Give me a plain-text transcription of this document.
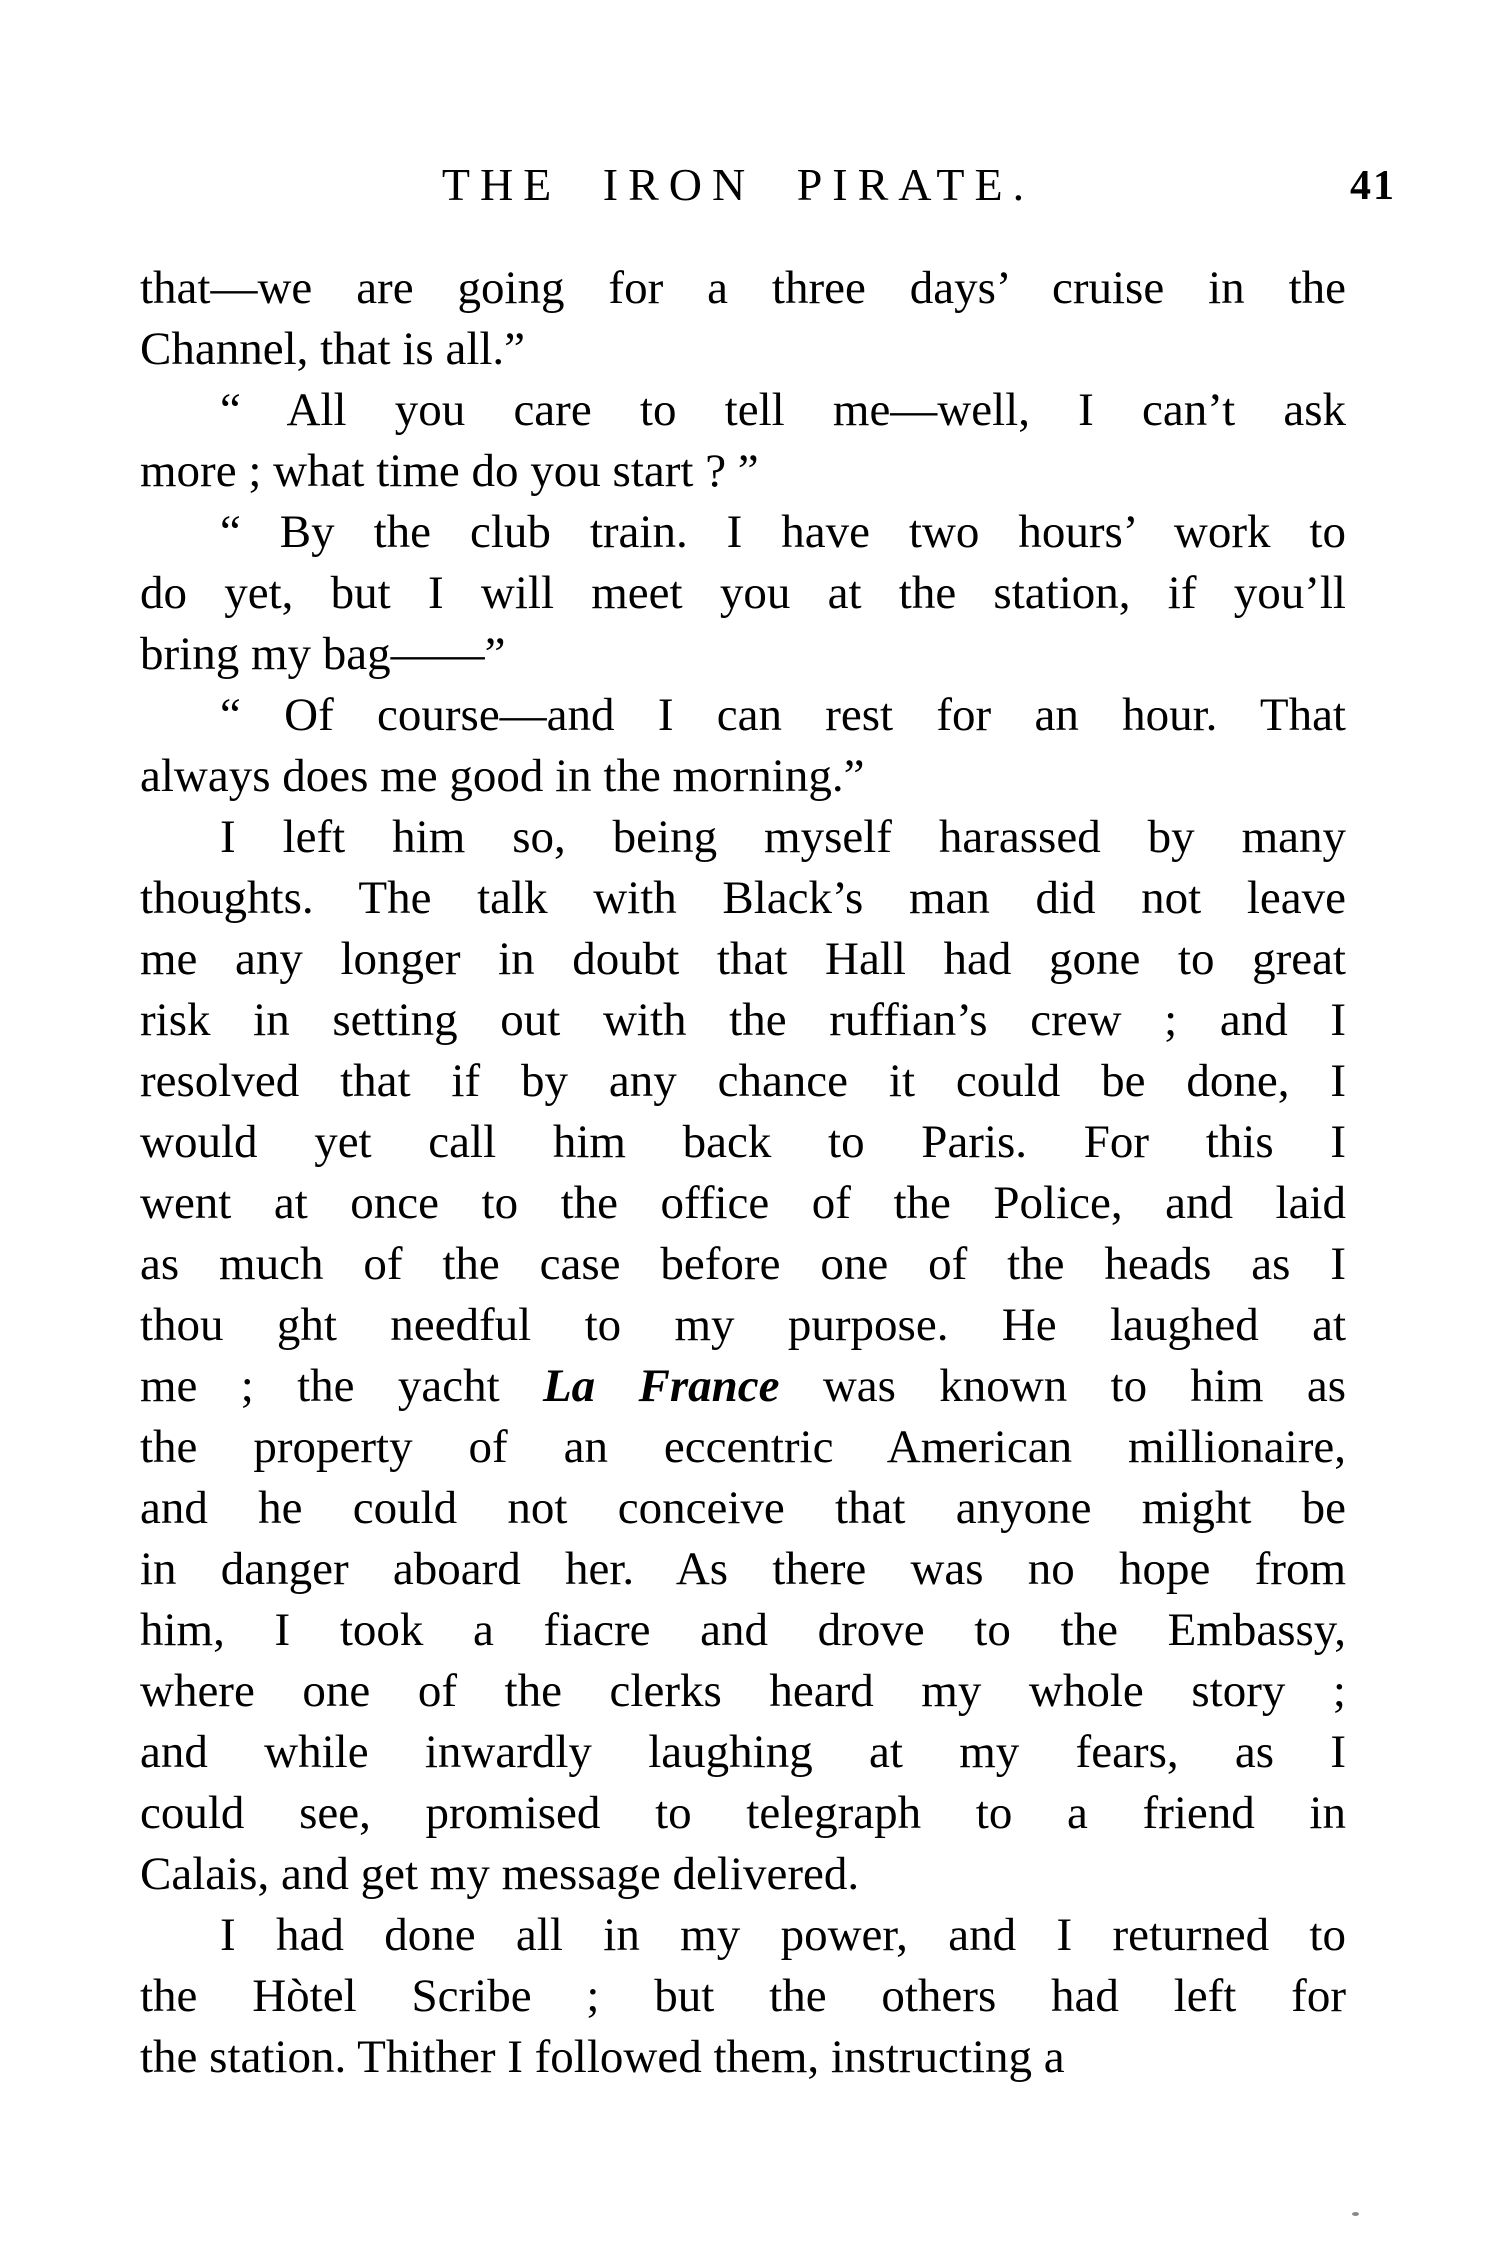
THE IRON PIRATE.	41
that—we are going for a three days’ cruise in the
Channel, that is all.”
“ All you care to tell me—well, I can’t ask
more ; what time do you start ? ”
“ By the club train. I have two hours’ work to
do yet, but I will meet you at the station, if you’ll
bring my bag——”
“ Of course—and I can rest for an hour. That
always does me good in the morning.”
I left him so, being myself harassed by many
thoughts. The talk with Black’s man did not leave
me any longer in doubt that Hall had gone to great
risk in setting out with the ruffian’s crew ; and I
resolved that if by any chance it could be done, I
would yet call him back to Paris. For this I
went at once to the office of the Police, and laid
as much of the case before one of the heads as I
thou ght needful to my purpose. He laughed at
me ; the yacht La France was known to him as
the property of an eccentric American millionaire,
and he could not conceive that anyone might be
in danger aboard her. As there was no hope from
him, I took a fiacre and drove to the Embassy,
where one of the clerks heard my whole story ;
and while inwardly laughing at my fears, as I
could see, promised to telegraph to a friend in
Calais, and get my message delivered.
I had done all in my power, and I returned to
the Hòtel Scribe ; but the others had left for
the station. Thither I followed them, instructing a
